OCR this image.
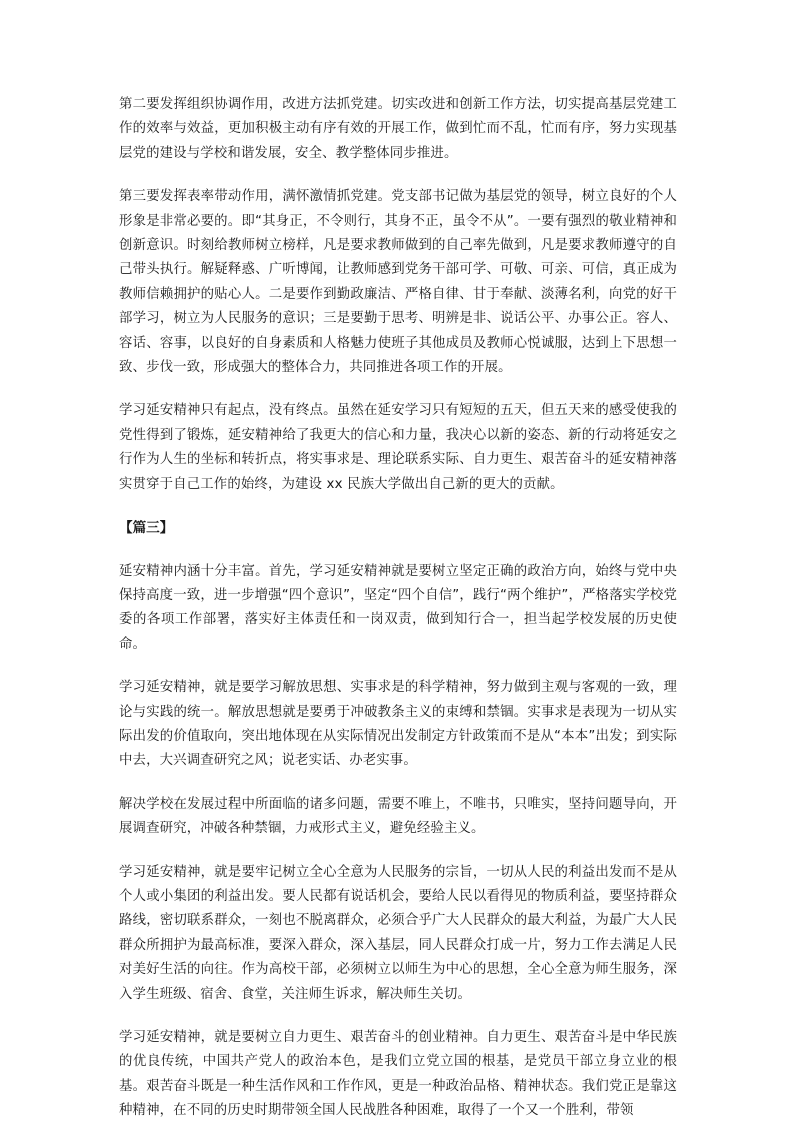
第二要发挥组织协调作用，改进方法抓党建。切实改进和创新工作方法，切实提高基层党建工作的效率与效益，更加积极主动有序有效的开展工作，做到忙而不乱，忙而有序，努力实现基层党的建设与学校和谐发展，安全、教学整体同步推进。

第三要发挥表率带动作用，满怀激情抓党建。党支部书记做为基层党的领导，树立良好的个人形象是非常必要的。即“其身正，不令则行，其身不正，虽令不从”。一要有强烈的敬业精神和创新意识。时刻给教师树立榜样，凡是要求教师做到的自己率先做到，凡是要求教师遵守的自己带头执行。解疑释惑、广听博闻，让教师感到党务干部可学、可敬、可亲、可信，真正成为教师信赖拥护的贴心人。二是要作到勤政廉洁、严格自律、甘于奉献、淡薄名利，向党的好干部学习，树立为人民服务的意识；三是要勤于思考、明辨是非、说话公平、办事公正。容人、容话、容事，以良好的自身素质和人格魅力使班子其他成员及教师心悦诚服，达到上下思想一致、步伐一致，形成强大的整体合力，共同推进各项工作的开展。

学习延安精神只有起点，没有终点。虽然在延安学习只有短短的五天，但五天来的感受使我的党性得到了锻炼，延安精神给了我更大的信心和力量，我决心以新的姿态、新的行动将延安之行作为人生的坐标和转折点，将实事求是、理论联系实际、自力更生、艰苦奋斗的延安精神落实贯穿于自己工作的始终，为建设 xx 民族大学做出自己新的更大的贡献。

【篇三】

延安精神内涵十分丰富。首先，学习延安精神就是要树立坚定正确的政治方向，始终与党中央保持高度一致，进一步增强“四个意识”，坚定“四个自信”，践行“两个维护”，严格落实学校党委的各项工作部署，落实好主体责任和一岗双责，做到知行合一，担当起学校发展的历史使命。

学习延安精神，就是要学习解放思想、实事求是的科学精神，努力做到主观与客观的一致，理论与实践的统一。解放思想就是要勇于冲破教条主义的束缚和禁锢。实事求是表现为一切从实际出发的价值取向，突出地体现在从实际情况出发制定方针政策而不是从“本本”出发；到实际中去，大兴调查研究之风；说老实话、办老实事。

解决学校在发展过程中所面临的诸多问题，需要不唯上，不唯书，只唯实，坚持问题导向，开展调查研究，冲破各种禁锢，力戒形式主义，避免经验主义。

学习延安精神，就是要牢记树立全心全意为人民服务的宗旨，一切从人民的利益出发而不是从个人或小集团的利益出发。要人民都有说话机会，要给人民以看得见的物质利益，要坚持群众路线，密切联系群众，一刻也不脱离群众，必须合乎广大人民群众的最大利益，为最广大人民群众所拥护为最高标准，要深入群众，深入基层，同人民群众打成一片，努力工作去满足人民对美好生活的向往。作为高校干部，必须树立以师生为中心的思想，全心全意为师生服务，深入学生班级、宿舍、食堂，关注师生诉求，解决师生关切。

学习延安精神，就是要树立自力更生、艰苦奋斗的创业精神。自力更生、艰苦奋斗是中华民族的优良传统，中国共产党人的政治本色，是我们立党立国的根基，是党员干部立身立业的根基。艰苦奋斗既是一种生活作风和工作作风，更是一种政治品格、精神状态。我们党正是靠这种精神，在不同的历史时期带领全国人民战胜各种困难，取得了一个又一个胜利，带领
